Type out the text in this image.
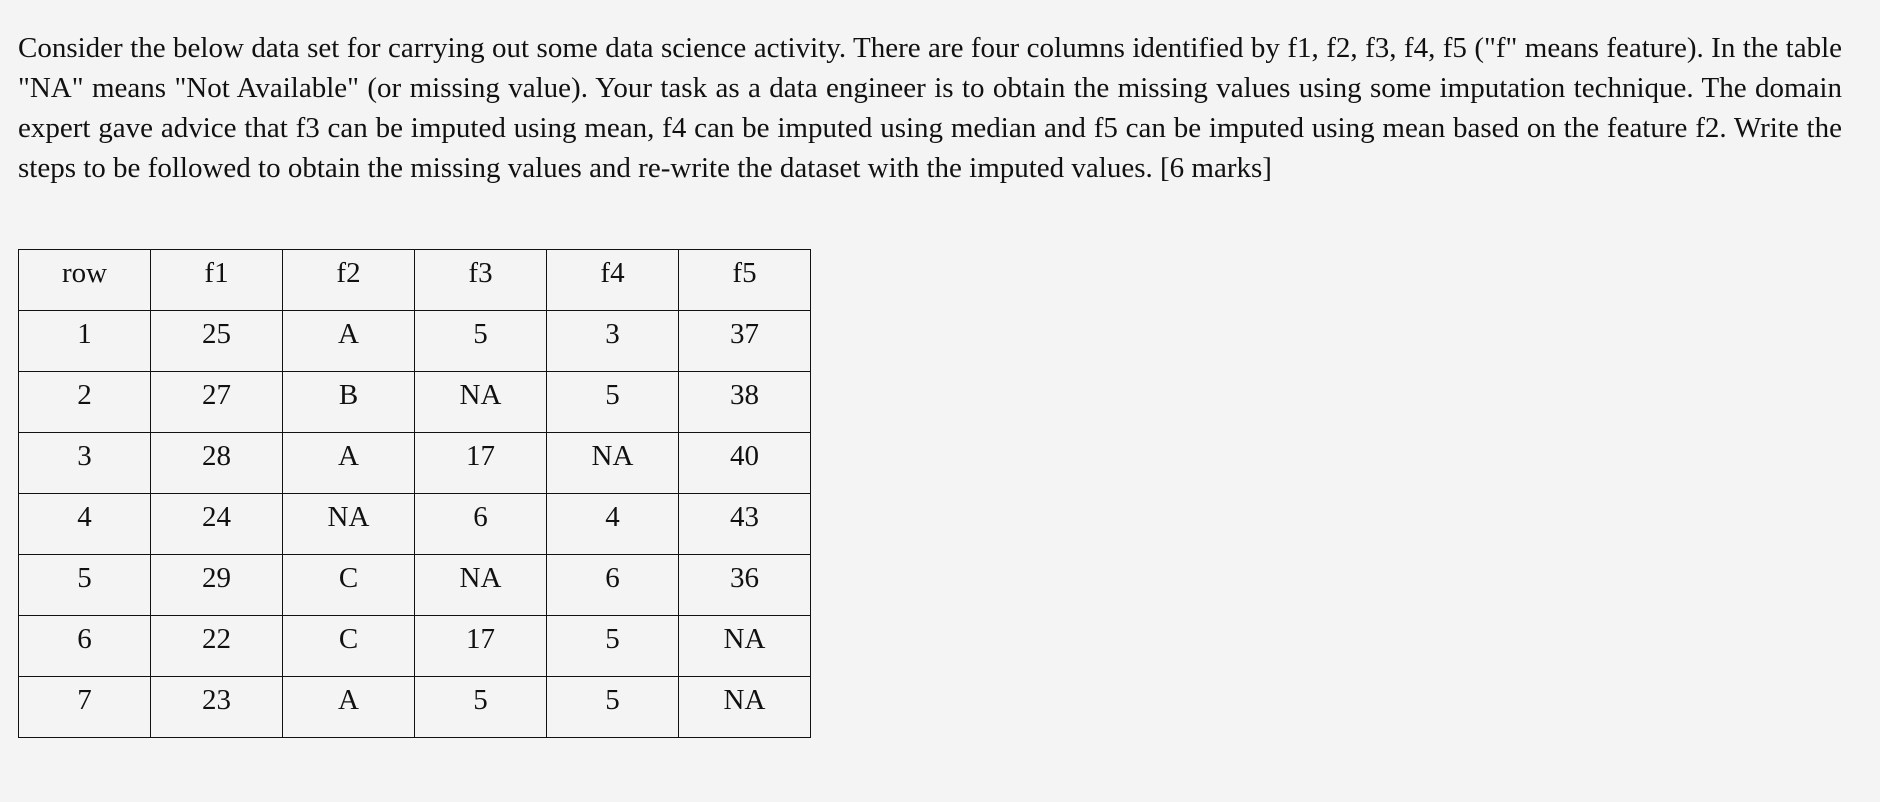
Consider the below data set for carrying out some data science activity. There are four columns identified by f1, f2, f3, f4, f5 ("f" means feature). In the table "NA" means "Not Available" (or missing value). Your task as a data engineer is to obtain the missing values using some imputation technique. The domain expert gave advice that f3 can be imputed using mean, f4 can be imputed using median and f5 can be imputed using mean based on the feature f2. Write the steps to be followed to obtain the missing values and re-write the dataset with the imputed values. [6 marks]

row	f1	f2	f3	f4	f5

1	25	A	5	3	37

2	27	B	NA	5	38

3	28	A	17	NA	40

4	24	NA	6	4	43

5	29	C	NA	6	36

6	22	C	17	5	NA

7	23	A	5	5	NA
